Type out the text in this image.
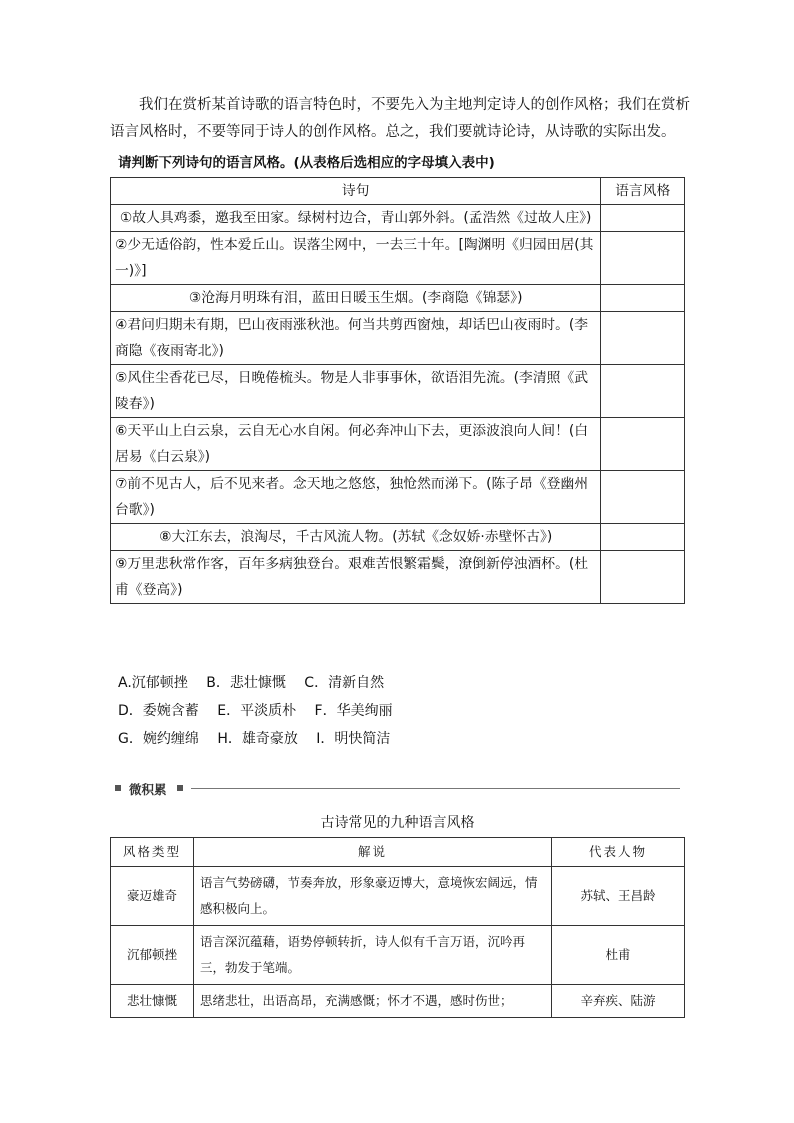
我们在赏析某首诗歌的语言特色时，不要先入为主地判定诗人的创作风格；我们在赏析语言风格时，不要等同于诗人的创作风格。总之，我们要就诗论诗，从诗歌的实际出发。
请判断下列诗句的语言风格。(从表格后选相应的字母填入表中)
诗句	语言风格
①故人具鸡黍，邀我至田家。绿树村边合，青山郭外斜。(孟浩然《过故人庄》)	
②少无适俗韵，性本爱丘山。误落尘网中，一去三十年。[陶渊明《归园田居(其一)》]	
③沧海月明珠有泪，蓝田日暖玉生烟。(李商隐《锦瑟》)	
④君问归期未有期，巴山夜雨涨秋池。何当共剪西窗烛，却话巴山夜雨时。(李商隐《夜雨寄北》)	
⑤风住尘香花已尽，日晚倦梳头。物是人非事事休，欲语泪先流。(李清照《武陵春》)	
⑥天平山上白云泉，云自无心水自闲。何必奔冲山下去，更添波浪向人间！(白居易《白云泉》)	
⑦前不见古人，后不见来者。念天地之悠悠，独怆然而涕下。(陈子昂《登幽州台歌》)	
⑧大江东去，浪淘尽，千古风流人物。(苏轼《念奴娇·赤壁怀古》)	
⑨万里悲秋常作客，百年多病独登台。艰难苦恨繁霜鬓，潦倒新停浊酒杯。(杜甫《登高》)	
A.沉郁顿挫 B．悲壮慷慨 C．清新自然
D．委婉含蓄 E．平淡质朴 F．华美绚丽
G．婉约缠绵 H．雄奇豪放 I．明快简洁
微积累
古诗常见的九种语言风格
风格类型	解说	代表人物
豪迈雄奇	语言气势磅礴，节奏奔放，形象豪迈博大，意境恢宏阔远，情感积极向上。	苏轼、王昌龄
沉郁顿挫	语言深沉蕴藉，语势停顿转折，诗人似有千言万语，沉吟再三，勃发于笔端。	杜甫
悲壮慷慨	思绪悲壮，出语高昂，充满感慨；怀才不遇，感时伤世；	辛弃疾、陆游
